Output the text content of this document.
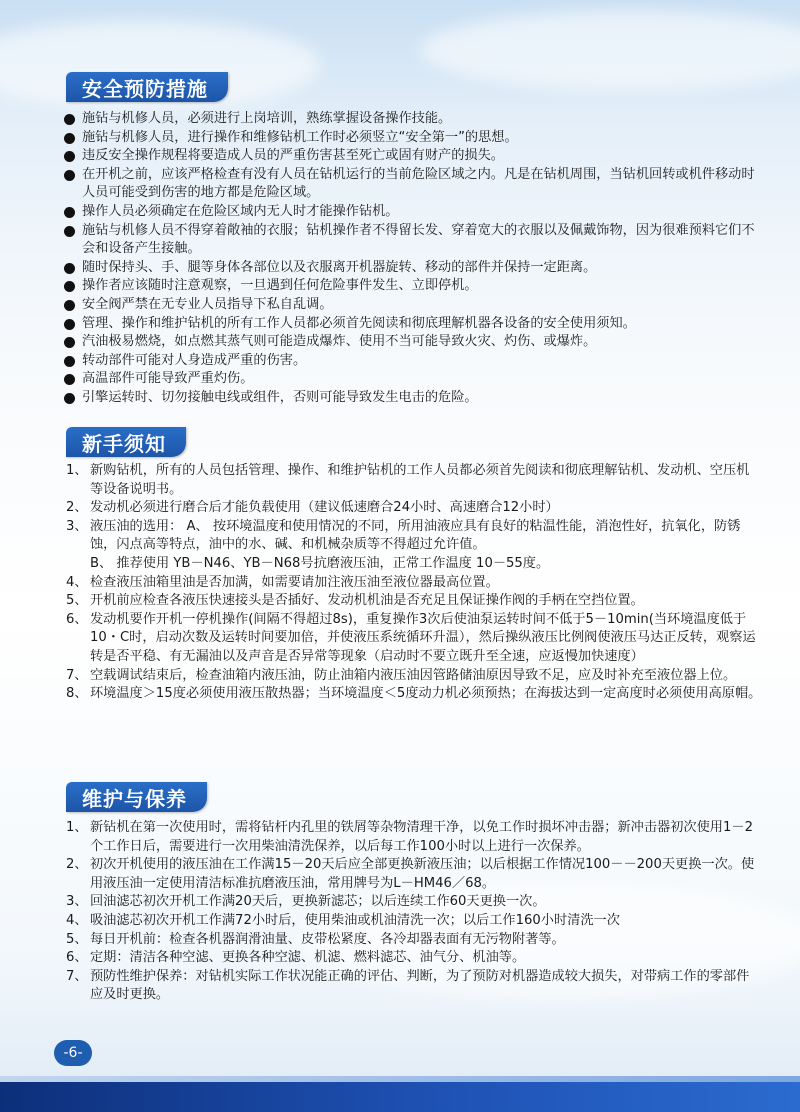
安全预防措施
施钻与机修人员，必须进行上岗培训，熟练掌握设备操作技能。
施钻与机修人员，进行操作和维修钻机工作时必须竖立“安全第一”的思想。
违反安全操作规程将要造成人员的严重伤害甚至死亡或固有财产的损失。
在开机之前，应该严格检查有没有人员在钻机运行的当前危险区域之内。凡是在钻机周围，当钻机回转或机件移动时人员可能受到伤害的地方都是危险区域。
操作人员必须确定在危险区域内无人时才能操作钻机。
施钻与机修人员不得穿着敞袖的衣服；钻机操作者不得留长发、穿着宽大的衣服以及佩戴饰物，因为很难预料它们不会和设备产生接触。
随时保持头、手、腿等身体各部位以及衣服离开机器旋转、移动的部件并保持一定距离。
操作者应该随时注意观察，一旦遇到任何危险事件发生、立即停机。
安全阀严禁在无专业人员指导下私自乱调。
管理、操作和维护钻机的所有工作人员都必须首先阅读和彻底理解机器各设备的安全使用须知。
汽油极易燃烧，如点燃其蒸气则可能造成爆炸、使用不当可能导致火灾、灼伤、或爆炸。
转动部件可能对人身造成严重的伤害。
高温部件可能导致严重灼伤。
引擎运转时、切勿接触电线或组件，否则可能导致发生电击的危险。
新手须知
1、 新购钻机，所有的人员包括管理、操作、和维护钻机的工作人员都必须首先阅读和彻底理解钻机、发动机、空压机等设备说明书。
2、 发动机必须进行磨合后才能负载使用（建议低速磨合24小时、高速磨合12小时）
3、 液压油的选用： A、 按环境温度和使用情况的不同，所用油液应具有良好的粘温性能，消泡性好，抗氧化，防锈蚀，闪点高等特点，油中的水、碱、和机械杂质等不得超过允许值。
B、 推荐使用 YB－N46、YB－N68号抗磨液压油，正常工作温度 10－55度。
4、 检查液压油箱里油是否加满，如需要请加注液压油至液位器最高位置。
5、 开机前应检查各液压快速接头是否插好、发动机机油是否充足且保证操作阀的手柄在空挡位置。
6、 发动机要作开机一停机操作(间隔不得超过8s)，重复操作3次后使油泵运转时间不低于5－10min(当环境温度低于10・C时，启动次数及运转时间要加倍，并使液压系统循环升温），然后操纵液压比例阀使液压马达正反转，观察运转是否平稳、有无漏油以及声音是否异常等现象（启动时不要立既升至全速，应返慢加快速度）
7、 空载调试结束后，检查油箱内液压油，防止油箱内液压油因管路储油原因导致不足，应及时补充至液位器上位。
8、 环境温度＞15度必须使用液压散热器；当环境温度＜5度动力机必须预热；在海拔达到一定高度时必须使用高原帽。
维护与保养
1、 新钻机在第一次使用时，需将钻杆内孔里的铁屑等杂物清理干净，以免工作时损坏冲击器；新冲击器初次使用1－2个工作日后，需要进行一次用柴油清洗保养，以后每工作100小时以上进行一次保养。
2、 初次开机使用的液压油在工作满15－20天后应全部更换新液压油；以后根据工作情况100－－200天更换一次。使用液压油一定使用清洁标准抗磨液压油，常用牌号为L－HM46／68。
3、 回油滤芯初次开机工作满20天后，更换新滤芯；以后连续工作60天更换一次。
4、 吸油滤芯初次开机工作满72小时后，使用柴油或机油清洗一次；以后工作160小时清洗一次
5、 每日开机前：检查各机器润滑油量、皮带松紧度、各冷却器表面有无污物附著等。
6、 定期：清洁各种空滤、更换各种空滤、机滤、燃料滤芯、油气分、机油等。
7、 预防性维护保养：对钻机实际工作状况能正确的评估、判断，为了预防对机器造成较大损失，对带病工作的零部件应及时更换。
-6-
